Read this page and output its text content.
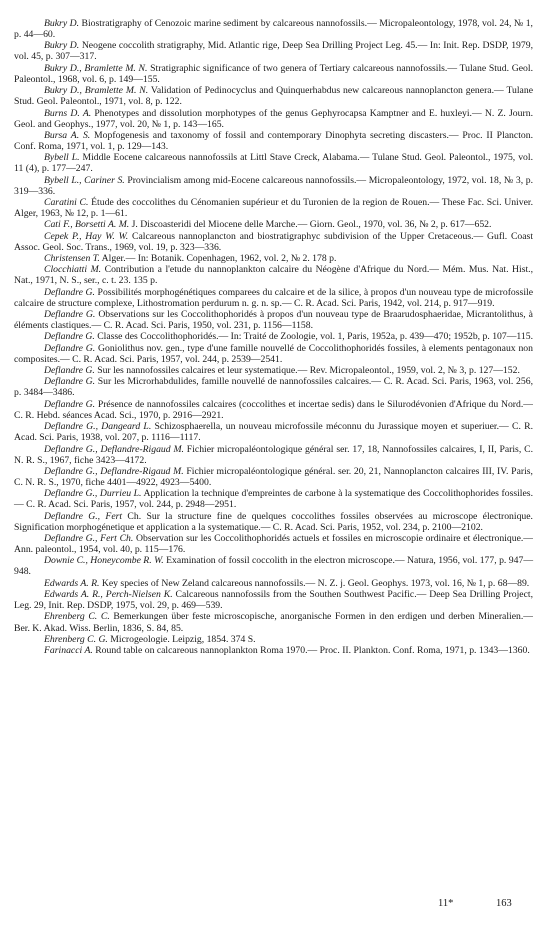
Bukry D. Biostratigraphy of Cenozoic marine sediment by calcareous nannofossils.— Micropaleontology, 1978, vol. 24, № 1, p. 44—60.

Bukry D. Neogene coccolith stratigraphy, Mid. Atlantic rige, Deep Sea Drilling Project Leg. 45.— In: Init. Rep. DSDP, 1979, vol. 45, p. 307—317.

Bukry D., Bramlette M. N. Stratigraphic significance of two genera of Tertiary calcareous nannofossils.— Tulane Stud. Geol. Paleontol., 1968, vol. 6, p. 149—155.

Bukry D., Bramlette M. N. Validation of Pedinocyclus and Quinquerhabdus new calcareous nannoplancton genera.— Tulane Stud. Geol. Paleontol., 1971, vol. 8, p. 122.

Burns D. A. Phenotypes and dissolution morphotypes of the genus Gephyrocapsa Kamptner and E. huxleyi.— N. Z. Journ. Geol. and Geophys., 1977, vol. 20, № 1, p. 143—165.

Bursa A. S. Mopfogenesis and taxonomy of fossil and contemporary Dinophyta secreting discasters.— Proc. II Plancton. Conf. Roma, 1971, vol. 1, p. 129—143.

Bybell L. Middle Eocene calcareous nannofossils at Littl Stave Creck, Alabama.— Tulane Stud. Geol. Paleontol., 1975, vol. 11 (4), p. 177—247.

Bybell L., Cariner S. Provincialism among mid-Eocene calcareous nannofossils.— Micropaleontology, 1972, vol. 18, № 3, p. 319—336.

Caratini C. Étude des coccolithes du Cénomanien supérieur et du Turonien de la region de Rouen.— These Fac. Sci. Univer. Alger, 1963, № 12, p. 1—61.

Cati F., Borsetti A. M. J. Discoasteridi del Miocene delle Marche.— Giorn. Geol., 1970, vol. 36, № 2, p. 617—652.

Cepek P., Hay W. W. Calcareous nannoplancton and biostratigraphyc subdivision of the Upper Cretaceous.— Gufl. Coast Assoc. Geol. Soc. Trans., 1969, vol. 19, p. 323—336.

Christensen T. Alger.— In: Botanik. Copenhagen, 1962, vol. 2, № 2. 178 p.

Clocchiatti M. Contribution a l'etude du nannoplankton calcaire du Néogène d'Afrique du Nord.— Mém. Mus. Nat. Hist., Nat., 1971, N. S., ser., c. t. 23. 135 p.

Deflandre G. Possibilités morphogénétiques comparees du calcaire et de la silice, à propos d'un nouveau type de microfossile calcaire de structure complexe, Lithostromation perdurum n. g. n. sp.— C. R. Acad. Sci. Paris, 1942, vol. 214, p. 917—919.

Deflandre G. Observations sur les Coccolithophoridés à propos d'un nouveau type de Braarudosphaeridae, Micrantolithus, à éléments clastiques.— C. R. Acad. Sci. Paris, 1950, vol. 231, p. 1156—1158.

Deflandre G. Classe des Coccolithophoridés.— In: Traité de Zoologie, vol. 1, Paris, 1952a, p. 439—470; 1952b, p. 107—115.

Deflandre G. Goniolithus nov. gen., type d'une famille nouvellé de Coccolithophoridés fossiles, à elements pentagonaux non composites.— C. R. Acad. Sci. Paris, 1957, vol. 244, p. 2539—2541.

Deflandre G. Sur les nannofossiles calcaires et leur systematique.— Rev. Micropaleontol., 1959, vol. 2, № 3, p. 127—152.

Deflandre G. Sur les Microrhabdulides, famille nouvellé de nannofossiles calcaires.— C. R. Acad. Sci. Paris, 1963, vol. 256, p. 3484—3486.

Deflandre G. Présence de nannofossiles calcaires (coccolithes et incertae sedis) dans le Silurodévonien d'Afrique du Nord.— C. R. Hebd. séances Acad. Sci., 1970, p. 2916—2921.

Deflandre G., Dangeard L. Schizosphaerella, un nouveau microfossile méconnu du Jurassique moyen et superiuer.— C. R. Acad. Sci. Paris, 1938, vol. 207, p. 1116—1117.

Deflandre G., Deflandre-Rigaud M. Fichier micropaléontologique général ser. 17, 18, Nannofossiles calcaires, I, II, Paris, C. N. R. S., 1967, fiche 3423—4172.

Deflandre G., Deflandre-Rigaud M. Fichier micropaléontologique général. ser. 20, 21, Nannoplancton calcaires III, IV. Paris, C. N. R. S., 1970, fiche 4401—4922, 4923—5400.

Deflandre G., Durrieu L. Application la technique d'empreintes de carbone à la systematique des Coccolithophorides fossiles.— C. R. Acad. Sci. Paris, 1957, vol. 244, p. 2948—2951.

Deflandre G., Fert Ch. Sur la structure fine de quelques coccolithes fossiles observées au microscope électronique. Signification morphogénetique et application a la systematique.— C. R. Acad. Sci. Paris, 1952, vol. 234, p. 2100—2102.

Deflandre G., Fert Ch. Observation sur les Coccolithophoridés actuels et fossiles en microscopie ordinaire et électronique.— Ann. paleontol., 1954, vol. 40, p. 115—176.

Downie C., Honeycombe R. W. Examination of fossil coccolith in the electron microscope.— Natura, 1956, vol. 177, p. 947—948.

Edwards A. R. Key species of New Zeland calcareous nannofossils.— N. Z. j. Geol. Geophys. 1973, vol. 16, № 1, p. 68—89.

Edwards A. R., Perch-Nielsen K. Calcareous nannofossils from the Southen Southwest Pacific.— Deep Sea Drilling Project, Leg. 29, Init. Rep. DSDP, 1975, vol. 29, p. 469—539.

Ehrenberg C. C. Bemerkungen über feste microscopische, anorganische Formen in den erdigen und derben Mineralien.— Ber. K. Akad. Wiss. Berlin, 1836, S. 84, 85.

Ehrenberg C. G. Microgeologie. Leipzig, 1854. 374 S.

Farinacci A. Round table on calcareous nannoplankton Roma 1970.— Proc. II. Plankton. Conf. Roma, 1971, p. 1343—1360.

11*	163
